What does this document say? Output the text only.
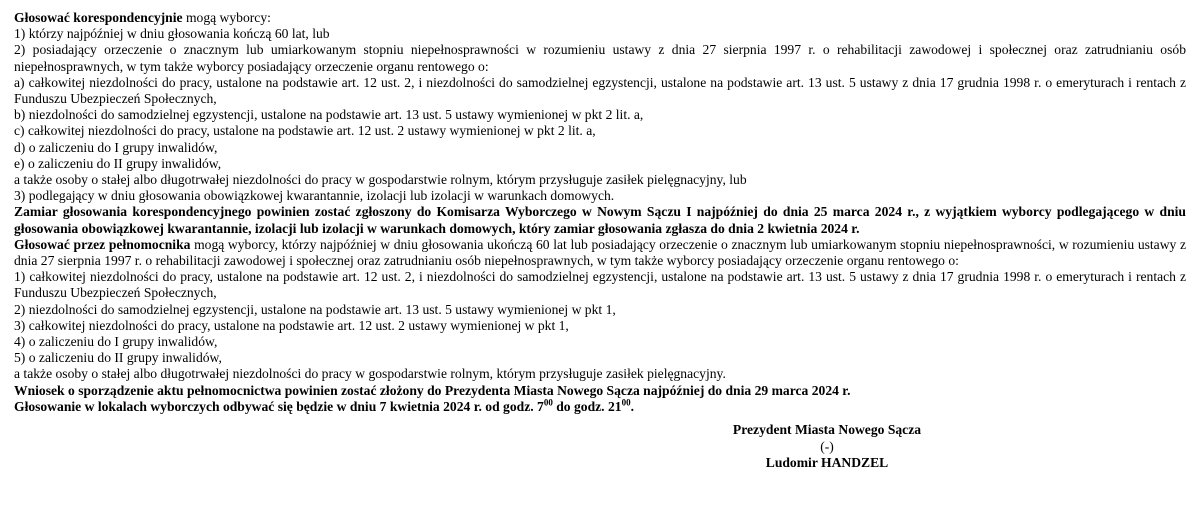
Głosować korespondencyjnie mogą wyborcy:

1) którzy najpóźniej w dniu głosowania kończą 60 lat, lub

2) posiadający orzeczenie o znacznym lub umiarkowanym stopniu niepełnosprawności w rozumieniu ustawy z dnia 27 sierpnia 1997 r. o rehabilitacji zawodowej i społecznej oraz zatrudnianiu osób niepełnosprawnych, w tym także wyborcy posiadający orzeczenie organu rentowego o:

a) całkowitej niezdolności do pracy, ustalone na podstawie art. 12 ust. 2, i niezdolności do samodzielnej egzystencji, ustalone na podstawie art. 13 ust. 5 ustawy z dnia 17 grudnia 1998 r. o emeryturach i rentach z Funduszu Ubezpieczeń Społecznych,

b) niezdolności do samodzielnej egzystencji, ustalone na podstawie art. 13 ust. 5 ustawy wymienionej w pkt 2 lit. a,

c) całkowitej niezdolności do pracy, ustalone na podstawie art. 12 ust. 2 ustawy wymienionej w pkt 2 lit. a,

d) o zaliczeniu do I grupy inwalidów,

e) o zaliczeniu do II grupy inwalidów,

a także osoby o stałej albo długotrwałej niezdolności do pracy w gospodarstwie rolnym, którym przysługuje zasiłek pielęgnacyjny, lub

3) podlegający w dniu głosowania obowiązkowej kwarantannie, izolacji lub izolacji w warunkach domowych.

Zamiar głosowania korespondencyjnego powinien zostać zgłoszony do Komisarza Wyborczego w Nowym Sączu I najpóźniej do dnia 25 marca 2024 r., z wyjątkiem wyborcy podlegającego w dniu głosowania obowiązkowej kwarantannie, izolacji lub izolacji w warunkach domowych, który zamiar głosowania zgłasza do dnia 2 kwietnia 2024 r.

Głosować przez pełnomocnika mogą wyborcy, którzy najpóźniej w dniu głosowania ukończą 60 lat lub posiadający orzeczenie o znacznym lub umiarkowanym stopniu niepełnosprawności, w rozumieniu ustawy z dnia 27 sierpnia 1997 r. o rehabilitacji zawodowej i społecznej oraz zatrudnianiu osób niepełnosprawnych, w tym także wyborcy posiadający orzeczenie organu rentowego o:

1) całkowitej niezdolności do pracy, ustalone na podstawie art. 12 ust. 2, i niezdolności do samodzielnej egzystencji, ustalone na podstawie art. 13 ust. 5 ustawy z dnia 17 grudnia 1998 r. o emeryturach i rentach z Funduszu Ubezpieczeń Społecznych,

2) niezdolności do samodzielnej egzystencji, ustalone na podstawie art. 13 ust. 5 ustawy wymienionej w pkt 1,

3) całkowitej niezdolności do pracy, ustalone na podstawie art. 12 ust. 2 ustawy wymienionej w pkt 1,

4) o zaliczeniu do I grupy inwalidów,

5) o zaliczeniu do II grupy inwalidów,

a także osoby o stałej albo długotrwałej niezdolności do pracy w gospodarstwie rolnym, którym przysługuje zasiłek pielęgnacyjny.

Wniosek o sporządzenie aktu pełnomocnictwa powinien zostać złożony do Prezydenta Miasta Nowego Sącza najpóźniej do dnia 29 marca 2024 r.

Głosowanie w lokalach wyborczych odbywać się będzie w dniu 7 kwietnia 2024 r. od godz. $7^{00}$ do godz. $21^{00}$.

Prezydent Miasta Nowego Sącza

(-)

Ludomir HANDZEL
